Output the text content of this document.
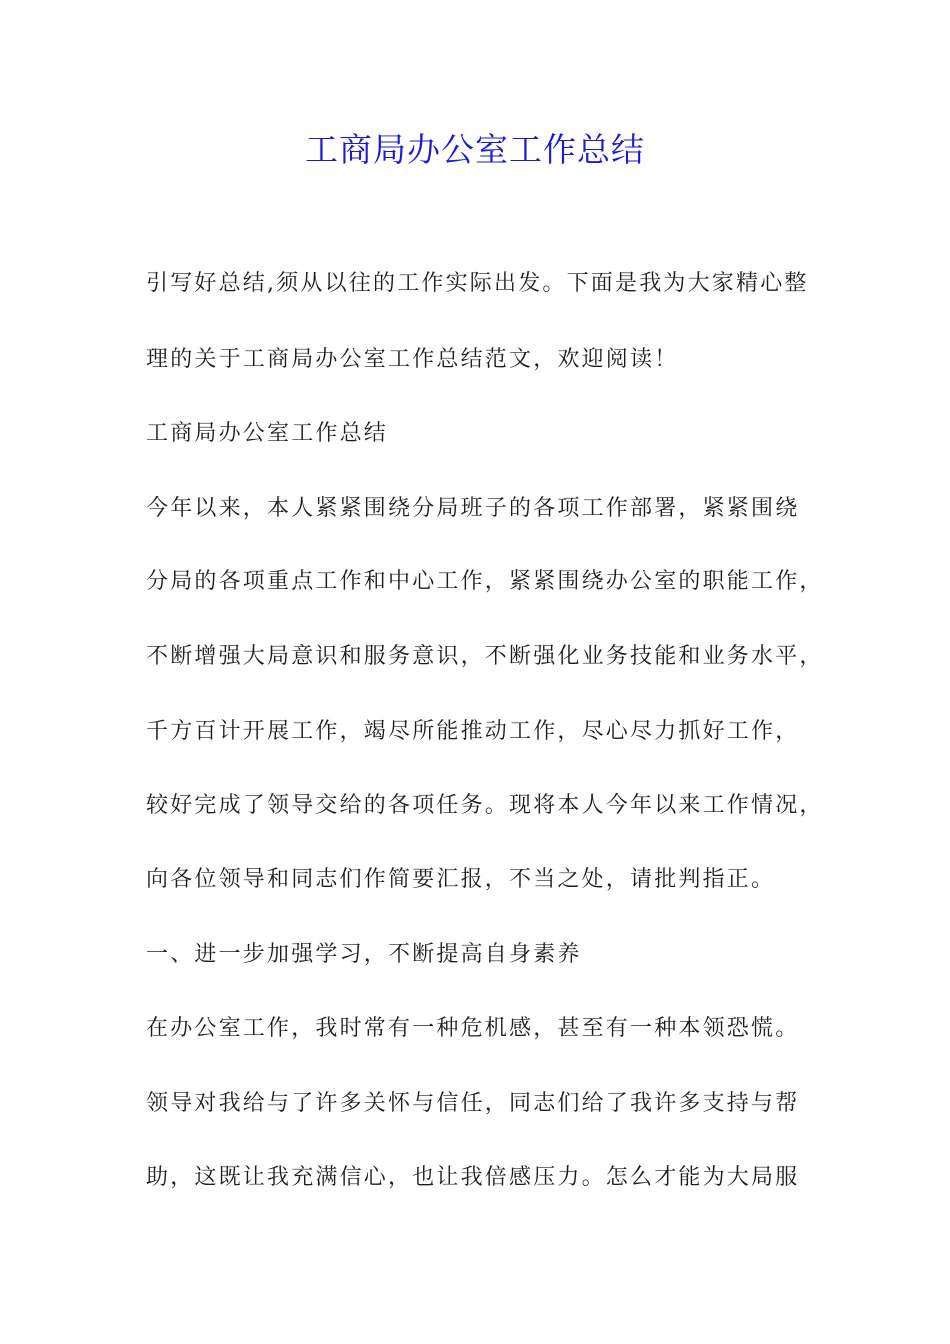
工商局办公室工作总结

引写好总结,须从以往的工作实际出发。下面是我为大家精心整

理的关于工商局办公室工作总结范文，欢迎阅读！

工商局办公室工作总结

今年以来，本人紧紧围绕分局班子的各项工作部署，紧紧围绕

分局的各项重点工作和中心工作，紧紧围绕办公室的职能工作，

不断增强大局意识和服务意识，不断强化业务技能和业务水平，

千方百计开展工作，竭尽所能推动工作，尽心尽力抓好工作，

较好完成了领导交给的各项任务。现将本人今年以来工作情况，

向各位领导和同志们作简要汇报，不当之处，请批判指正。

一、进一步加强学习，不断提高自身素养

在办公室工作，我时常有一种危机感，甚至有一种本领恐慌。

领导对我给与了许多关怀与信任，同志们给了我许多支持与帮

助，这既让我充满信心，也让我倍感压力。怎么才能为大局服
